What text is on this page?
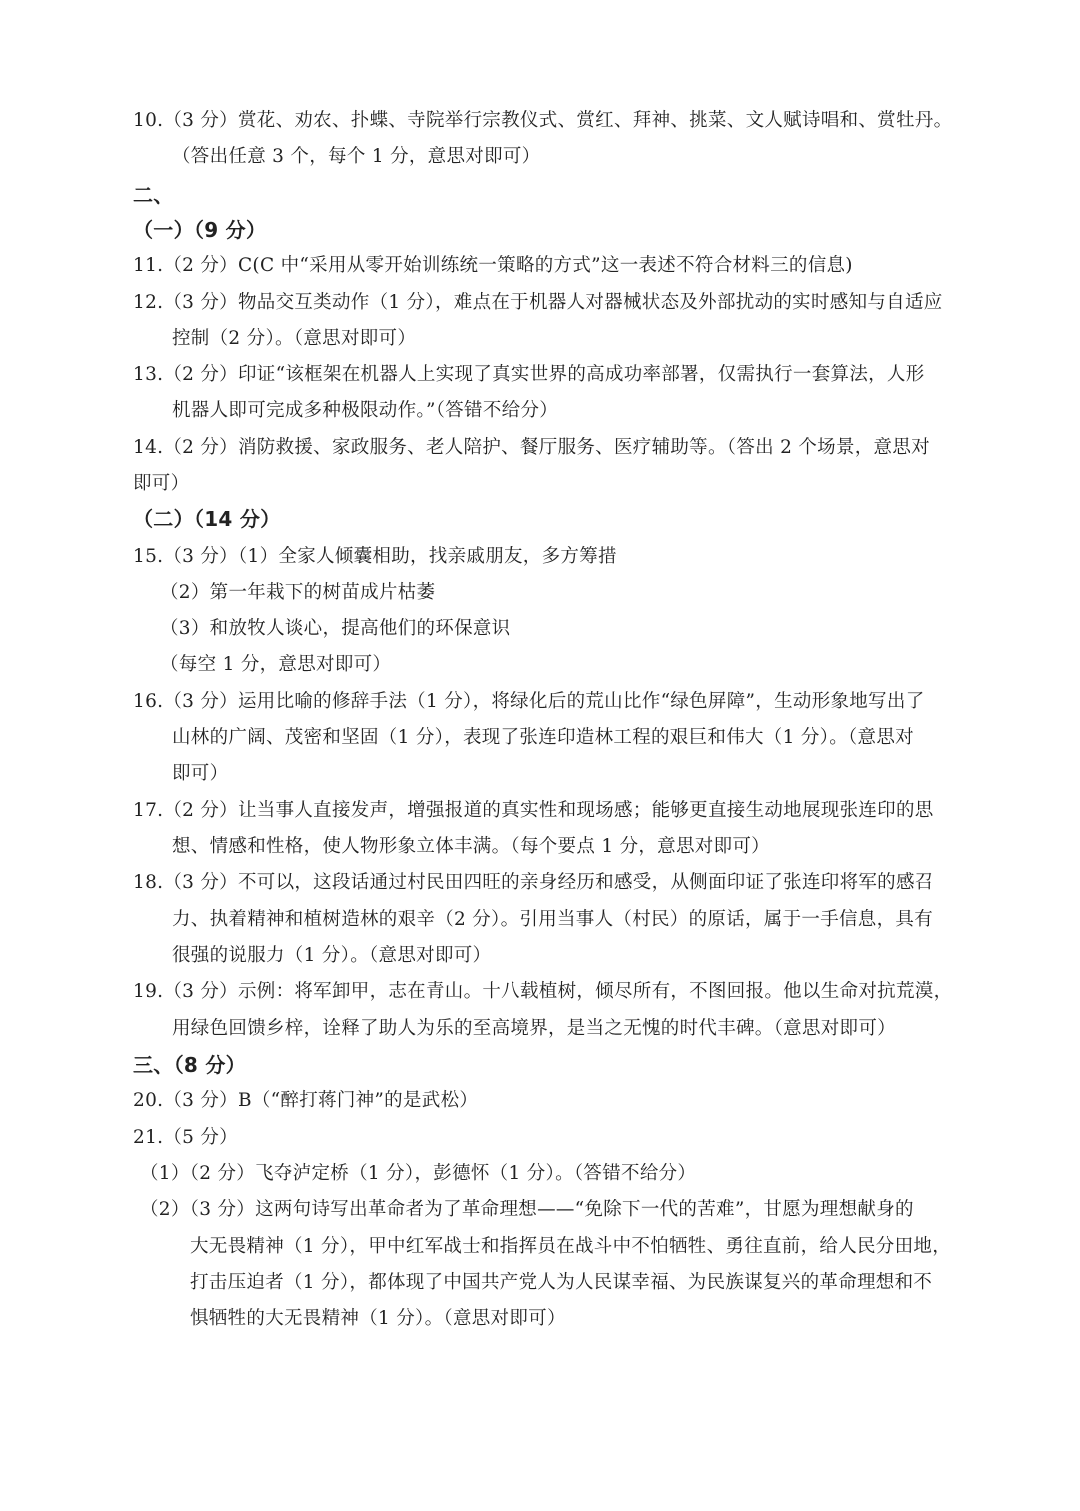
10.（3 分）赏花、劝农、扑蝶、寺院举行宗教仪式、赏红、拜神、挑菜、文人赋诗唱和、赏牡丹。
（答出任意 3 个，每个 1 分，意思对即可）
二、
（一）（9 分）
11.（2 分）C(C 中“采用从零开始训练统一策略的方式”这一表述不符合材料三的信息)
12.（3 分）物品交互类动作（1 分），难点在于机器人对器械状态及外部扰动的实时感知与自适应
控制（2 分）。（意思对即可）
13.（2 分）印证“该框架在机器人上实现了真实世界的高成功率部署，仅需执行一套算法，人形
机器人即可完成多种极限动作。”（答错不给分）
14.（2 分）消防救援、家政服务、老人陪护、餐厅服务、医疗辅助等。（答出 2 个场景，意思对
即可）
（二）（14 分）
15.（3 分）（1）全家人倾囊相助，找亲戚朋友，多方筹措
（2）第一年栽下的树苗成片枯萎
（3）和放牧人谈心，提高他们的环保意识
（每空 1 分，意思对即可）
16.（3 分）运用比喻的修辞手法（1 分），将绿化后的荒山比作“绿色屏障”，生动形象地写出了
山林的广阔、茂密和坚固（1 分），表现了张连印造林工程的艰巨和伟大（1 分）。（意思对
即可）
17.（2 分）让当事人直接发声，增强报道的真实性和现场感；能够更直接生动地展现张连印的思
想、情感和性格，使人物形象立体丰满。（每个要点 1 分，意思对即可）
18.（3 分）不可以，这段话通过村民田四旺的亲身经历和感受，从侧面印证了张连印将军的感召
力、执着精神和植树造林的艰辛（2 分）。引用当事人（村民）的原话，属于一手信息，具有
很强的说服力（1 分）。（意思对即可）
19.（3 分）示例：将军卸甲，志在青山。十八载植树，倾尽所有，不图回报。他以生命对抗荒漠，
用绿色回馈乡梓，诠释了助人为乐的至高境界，是当之无愧的时代丰碑。（意思对即可）
三、（8 分）
20.（3 分）B（“醉打蒋门神”的是武松）
21.（5 分）
（1）（2 分）飞夺泸定桥（1 分），彭德怀（1 分）。（答错不给分）
（2）（3 分）这两句诗写出革命者为了革命理想——“免除下一代的苦难”，甘愿为理想献身的
大无畏精神（1 分），甲中红军战士和指挥员在战斗中不怕牺牲、勇往直前，给人民分田地，
打击压迫者（1 分），都体现了中国共产党人为人民谋幸福、为民族谋复兴的革命理想和不
惧牺牲的大无畏精神（1 分）。（意思对即可）
